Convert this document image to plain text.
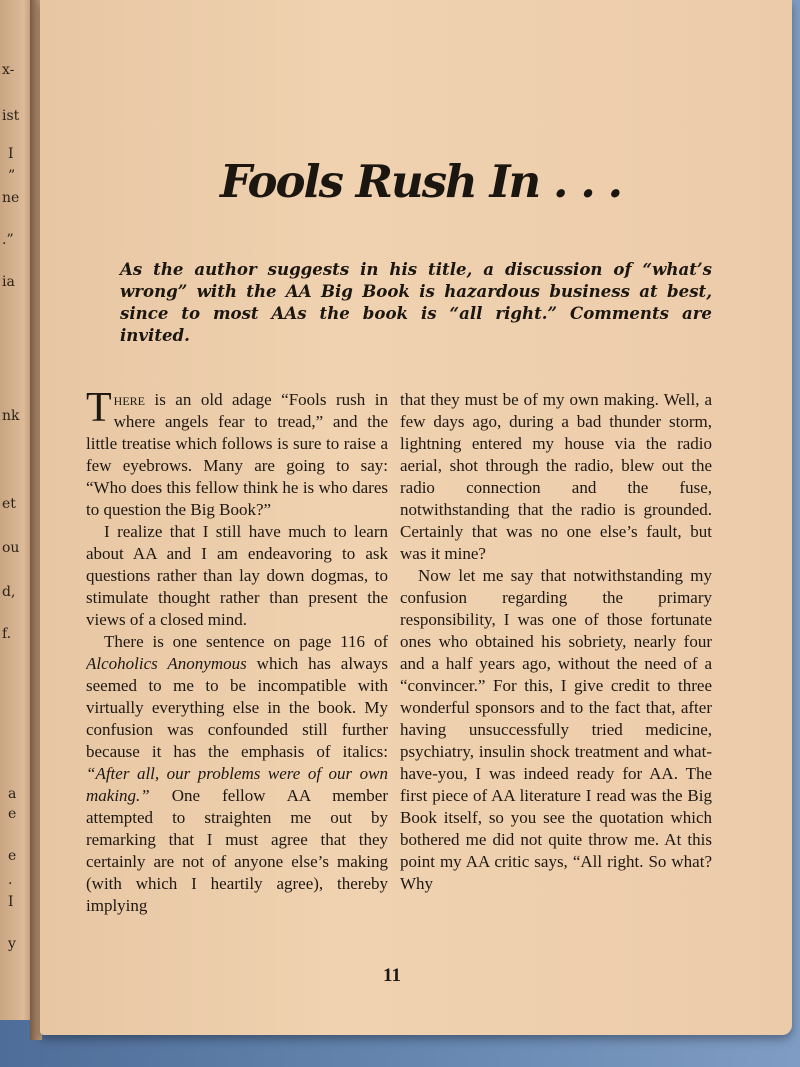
x-
ist
I
”
ne
.”
ia
nk
et
ou
d,
f.
a
e
e
.
I
y
Fools Rush In . . .
As the author suggests in his title, a discussion of “what’s wrong” with the AA Big Book is hazardous business at best, since to most AAs the book is “all right.” Comments are invited.

There is an old adage “Fools rush in where angels fear to tread,” and the little treatise which follows is sure to raise a few eyebrows. Many are going to say: “Who does this fellow think he is who dares to question the Big Book?”

I realize that I still have much to learn about AA and I am endeavoring to ask questions rather than lay down dogmas, to stimulate thought rather than present the views of a closed mind.

There is one sentence on page 116 of Alcoholics Anonymous which has always seemed to me to be incompatible with virtually everything else in the book. My confusion was confounded still further because it has the emphasis of italics: “After all, our problems were of our own making.” One fellow AA member attempted to straighten me out by remarking that I must agree that they certainly are not of anyone else’s making (with which I heartily agree), thereby implying

that they must be of my own making. Well, a few days ago, during a bad thunder storm, lightning entered my house via the radio aerial, shot through the radio, blew out the radio connection and the fuse, notwithstanding that the radio is grounded. Certainly that was no one else’s fault, but was it mine?

Now let me say that notwithstanding my confusion regarding the primary responsibility, I was one of those fortunate ones who obtained his sobriety, nearly four and a half years ago, without the need of a “convincer.” For this, I give credit to three wonderful sponsors and to the fact that, after having unsuccessfully tried medicine, psychiatry, insulin shock treatment and what-have-you, I was indeed ready for AA. The first piece of AA literature I read was the Big Book itself, so you see the quotation which bothered me did not quite throw me. At this point my AA critic says, “All right. So what? Why

11
